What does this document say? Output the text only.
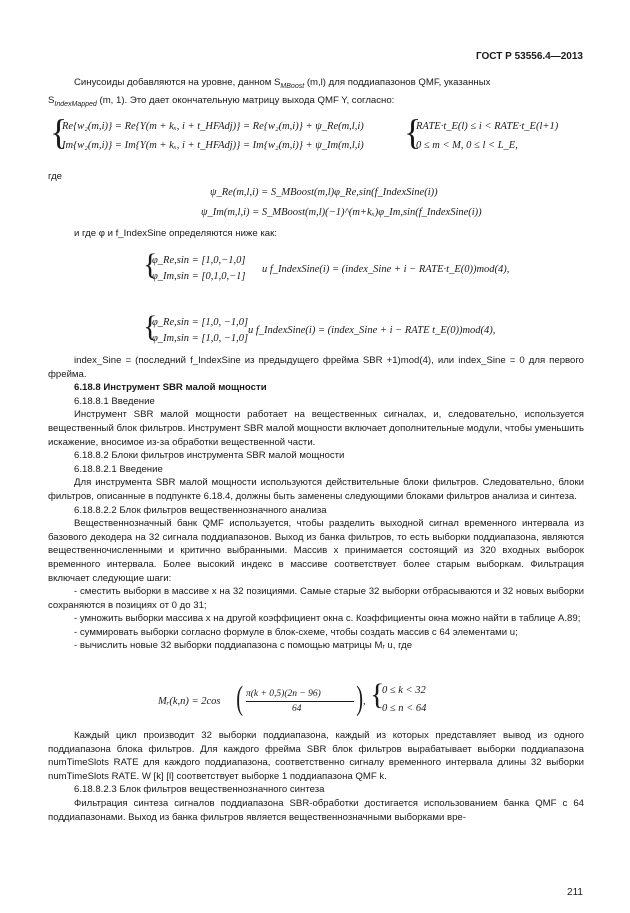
ГОСТ Р 53556.4—2013

Синусоиды добавляются на уровне, данном $S_{MBoost}$ (m,l) для поддиапазонов QMF, указанных

$S_{IndexMapped}$ (m, 1). Это дает окончательную матрицу выхода QMF Y, согласно:

{
Re{w₂(m,i)} = Re{Y(m + kₓ, i + t_HFAdj)} = Re{w₂(m,i)} + ψ_Re(m,l,i)
Im{w₂(m,i)} = Im{Y(m + kₓ, i + t_HFAdj)} = Im{w₂(m,i)} + ψ_Im(m,l,i) {
RATE·t_E(l) ≤ i < RATE·t_E(l+1)
0 ≤ m < M, 0 ≤ l < L_E,

где

ψ_Re(m,l,i) = S_MBoost(m,l)φ_Re,sin(f_IndexSine(i))
ψ_Im(m,l,i) = S_MBoost(m,l)(−1)^(m+kₓ)φ_Im,sin(f_IndexSine(i))

и где φ и f_IndexSine определяются ниже как:

{
φ_Re,sin = [1,0,−1,0]
φ_Im,sin = [0,1,0,−1]
и f_IndexSine(i) = (index_Sine + i − RATE·t_E(0))mod(4),
{
φ_Re,sin = [1,0, −1,0]
φ_Im,sin = [1,0, −1,0]
и f_IndexSine(i) = (index_Sine + i − RATE t_E(0))mod(4),

index_Sine = (последний f_IndexSine из предыдущего фрейма SBR +1)mod(4), или index_Sine = 0 для первого фрейма.

6.18.8 Инструмент SBR малой мощности

6.18.8.1 Введение

Инструмент SBR малой мощности работает на вещественных сигналах, и, следовательно, используется вещественный блок фильтров. Инструмент SBR малой мощности включает дополнительные модули, чтобы уменьшить искажение, вносимое из-за обработки вещественной части.

6.18.8.2 Блоки фильтров инструмента SBR малой мощности

6.18.8.2.1 Введение

Для инструмента SBR малой мощности используются действительные блоки фильтров. Следовательно, блоки фильтров, описанные в подпункте 6.18.4, должны быть заменены следующими блоками фильтров анализа и синтеза.

6.18.8.2.2 Блок фильтров вещественнозначного анализа

Вещественнозначный банк QMF используется, чтобы разделить выходной сигнал временного интервала из базового декодера на 32 сигнала поддиапазонов. Выход из банка фильтров, то есть выборки поддиапазона, являются вещественночисленными и критично выбранными. Массив x принимается состоящий из 320 входных выборок временного интервала. Более высокий индекс в массиве соответствует более старым выборкам. Фильтрация включает следующие шаги:

- сместить выборки в массиве x на 32 позициями. Самые старые 32 выборки отбрасываются и 32 новых выборки сохраняются в позициях от 0 до 31;

- умножить выборки массива x на другой коэффициент окна c. Коэффициенты окна можно найти в таблице А.89;

- суммировать выборки согласно формуле в блок-схеме, чтобы создать массив с 64 элементами u;

- вычислить новые 32 выборки поддиапазона с помощью матрицы Mᵣ u, где

Mᵣ(k,n) = 2cos ( π(k + 0,5)(2n − 96)
64 ) , {
0 ≤ k < 32
0 ≤ n < 64

Каждый цикл производит 32 выборки поддиапазона, каждый из которых представляет вывод из одного поддиапазона блока фильтров. Для каждого фрейма SBR блок фильтров вырабатывает выборки поддиапазона numTimeSlots RATE для каждого поддиапазона, соответственно сигналу временного интервала длины 32 выборки numTimeSlots RATE. W [k] [l] соответствует выборке 1 поддиапазона QMF k.

6.18.8.2.3 Блок фильтров вещественнозначного синтеза

Фильтрация синтеза сигналов поддиапазона SBR-обработки достигается использованием банка QMF с 64 поддиапазонами. Выход из банка фильтров является вещественнозначными выборками вре-

211
